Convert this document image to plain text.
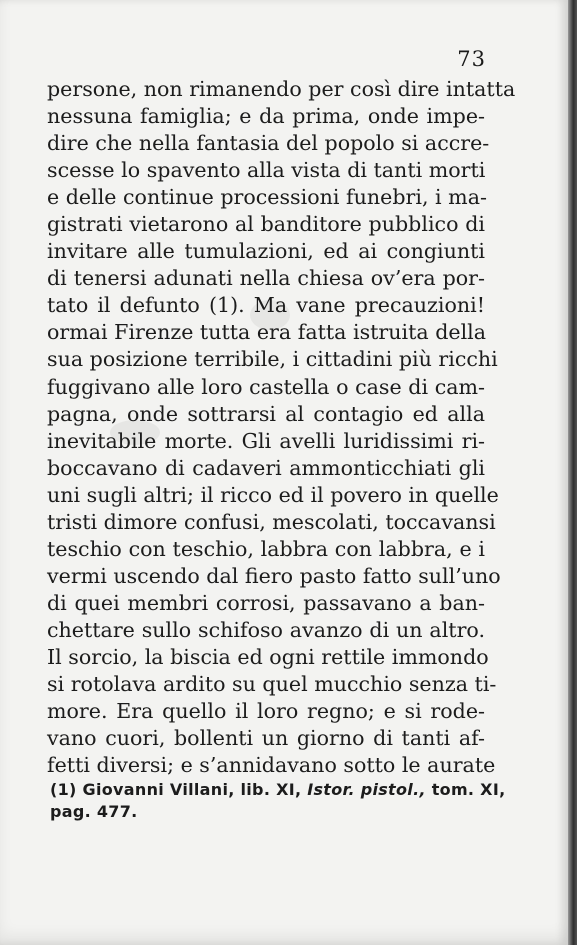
73
persone, non rimanendo per così dire intatta
nessuna famiglia; e da prima, onde impe-
dire che nella fantasia del popolo si accre-
scesse lo spavento alla vista di tanti morti
e delle continue processioni funebri, i ma-
gistrati vietarono al banditore pubblico di
invitare alle tumulazioni, ed ai congiunti
di tenersi adunati nella chiesa ov’era por-
tato il defunto (1). Ma vane precauzioni!
ormai Firenze tutta era fatta istruita della
sua posizione terribile, i cittadini più ricchi
fuggivano alle loro castella o case di cam-
pagna, onde sottrarsi al contagio ed alla
inevitabile morte. Gli avelli luridissimi ri-
boccavano di cadaveri ammonticchiati gli
uni sugli altri; il ricco ed il povero in quelle
tristi dimore confusi, mescolati, toccavansi
teschio con teschio, labbra con labbra, e i
vermi uscendo dal fiero pasto fatto sull’uno
di quei membri corrosi, passavano a ban-
chettare sullo schifoso avanzo di un altro.
Il sorcio, la biscia ed ogni rettile immondo
si rotolava ardito su quel mucchio senza ti-
more. Era quello il loro regno; e si rode-
vano cuori, bollenti un giorno di tanti af-
fetti diversi; e s’annidavano sotto le aurate
(1) Giovanni Villani, lib. XI, Istor. pistol., tom. XI,
pag. 477.
